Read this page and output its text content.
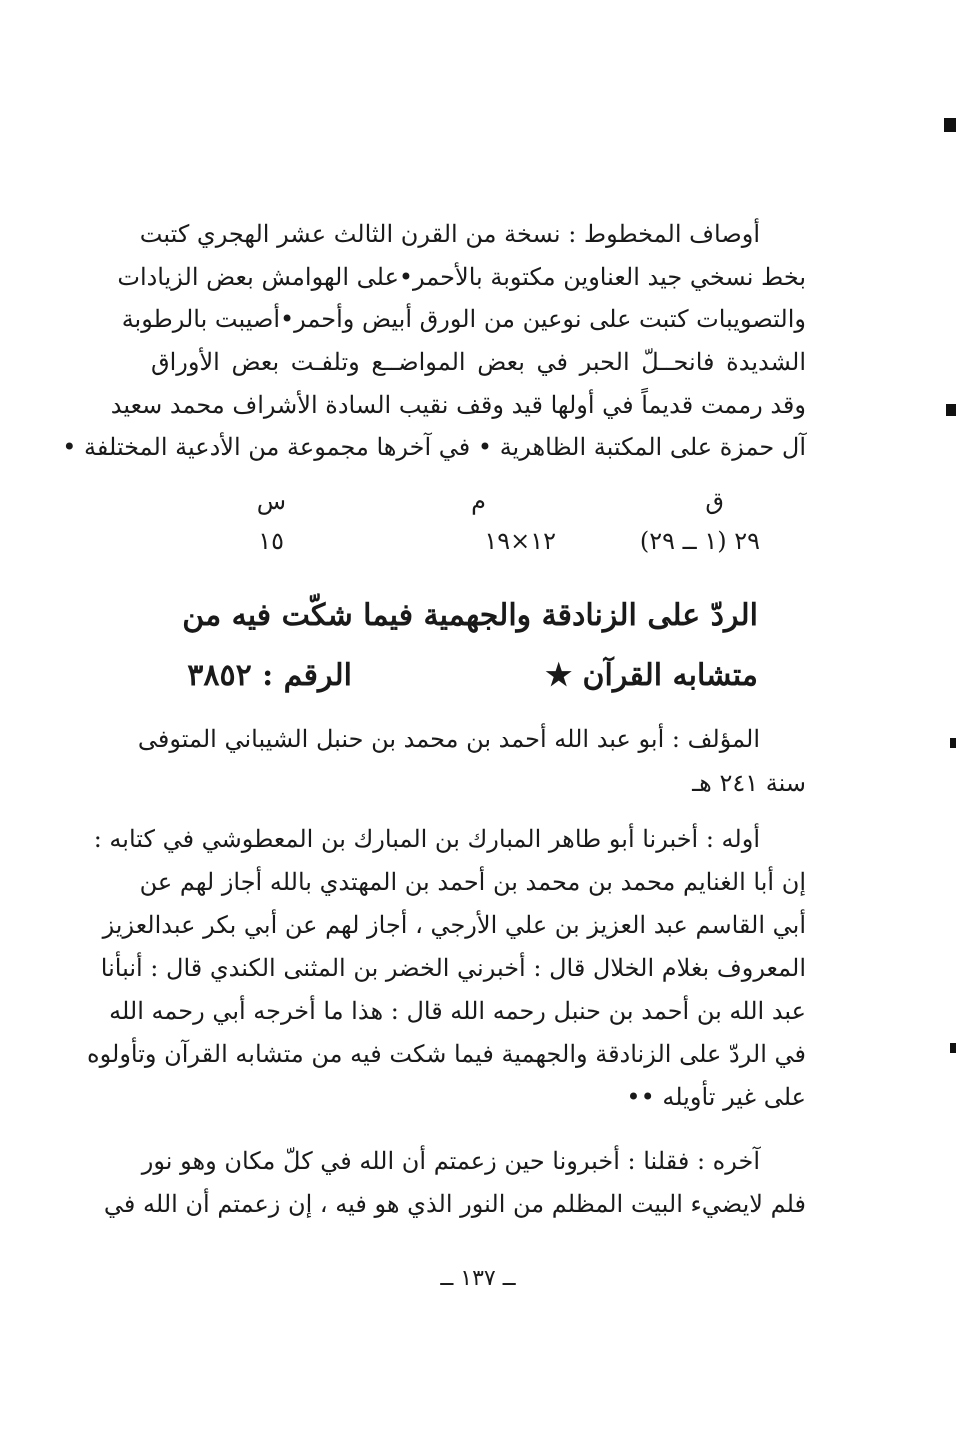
أوصاف المخطوط : نسخة من القرن الثالث عشر الهجري كتبت
بخط نسخي جيد العناوين مكتوبة بالأحمر•على الهوامش بعض الزيادات
والتصويبات كتبت على نوعين من الورق أبيض وأحمر•أصيبت بالرطوبة
الشديدة فانحــلّ الحبر في بعض المواضــع وتلفـت بعض الأوراق
وقد رممت قديماً في أولها قيد وقف نقيب السادة الأشراف محمد سعيد
آل حمزة على المكتبة الظاهرية • في آخرها مجموعة من الأدعية المختلفة •
ق
م
س
٢٩ (١ ــ ٢٩)
١٢×١٩
١٥
الردّ على الزنادقة والجهمية فيما شكّت فيه من
متشابه القرآن ★
الرقم : ٣٨٥٢
المؤلف : أبو عبد الله أحمد بن محمد بن حنبل الشيباني المتوفى
سنة ٢٤١ هـ
أوله : أخبرنا أبو طاهر المبارك بن المبارك بن المعطوشي في كتابه :
إن أبا الغنايم محمد بن محمد بن أحمد بن المهتدي بالله أجاز لهم عن
أبي القاسم عبد العزيز بن علي الأرجي ، أجاز لهم عن أبي بكر عبدالعزيز
المعروف بغلام الخلال قال : أخبرني الخضر بن المثنى الكندي قال : أنبأنا
عبد الله بن أحمد بن حنبل رحمه الله قال : هذا ما أخرجه أبي رحمه الله
في الردّ على الزنادقة والجهمية فيما شكت فيه من متشابه القرآن وتأولوه
على غير تأويله ••
آخره : فقلنا : أخبرونا حين زعمتم أن الله في كلّ مكان وهو نور
فلم لايضيء البيت المظلم من النور الذي هو فيه ، إن زعمتم أن الله في
ــ ١٣٧ ــ
